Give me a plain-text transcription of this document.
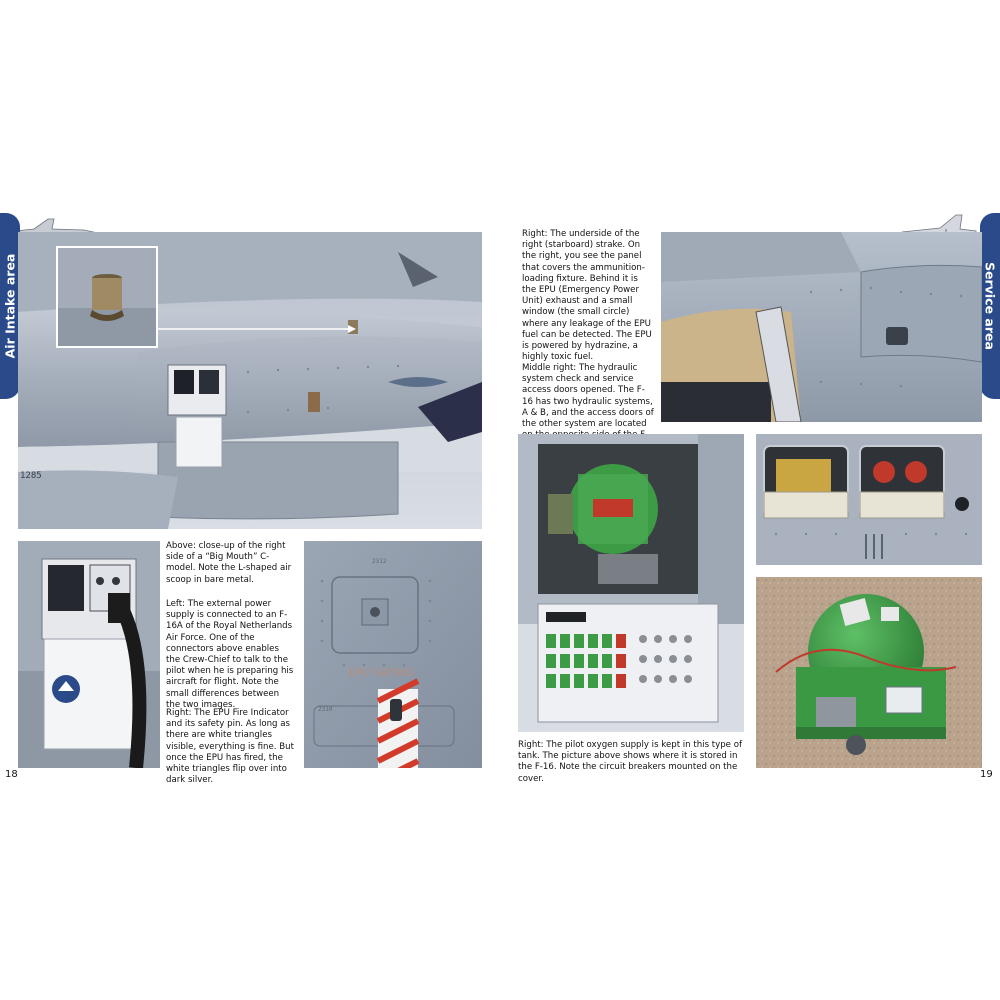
Air Intake area
1285

Above: close-up of the right side of a “Big Mouth” C-model. Note the L-shaped air scoop in bare metal.

Left: The external power supply is connected to an F-16A of the Royal Netherlands Air Force. One of the connectors above enables the Crew-Chief to talk to the pilot when he is preparing his aircraft for flight. Note the small differences between the two images.

Right: The EPU Fire Indicator and its safety pin. As long as there are white triangles visible, everything is fine. But once the EPU has fired, the white triangles flip over into dark silver.

2312
EPU SAFING
2310
18
Service area

Right: The underside of the right (starboard) strake. On the right, you see the panel that covers the ammunition-loading fixture. Behind it is the EPU (Emergency Power Unit) exhaust and a small window (the small circle) where any leakage of the EPU fuel can be detected. The EPU is powered by hydrazine, a highly toxic fuel.

Middle right: The hydraulic system check and service access doors opened. The F-16 has two hydraulic systems, A & B, and the access doors of the other system are located

Right: The pilot oxygen supply is kept in this type of tank. The picture above shows where it is stored in the F-16. Note the circuit breakers mounted on the cover.	19
